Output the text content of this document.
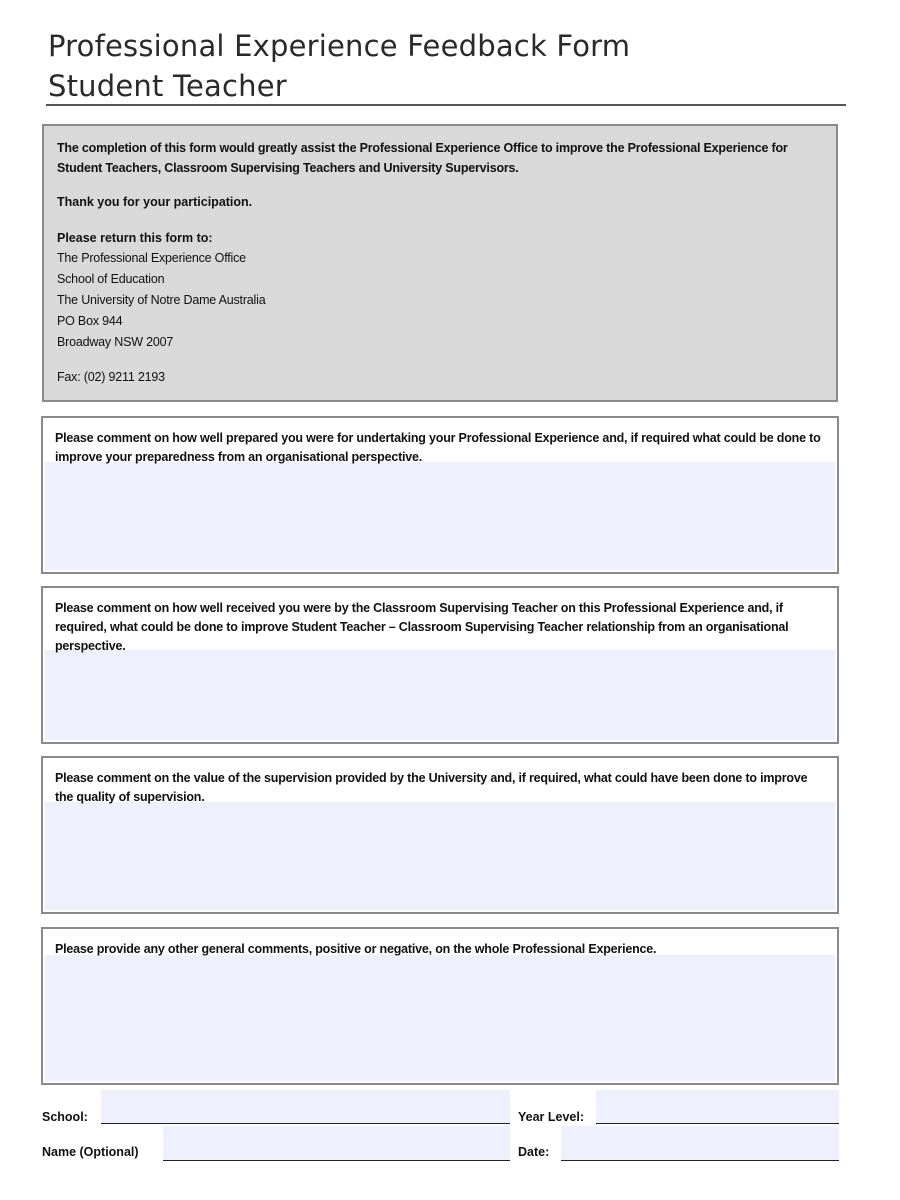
Professional Experience Feedback Form
Student Teacher

The completion of this form would greatly assist the Professional Experience Office to improve the Professional Experience for Student Teachers, Classroom Supervising Teachers and University Supervisors.

Thank you for your participation.

Please return this form to:

The Professional Experience Office

School of Education

The University of Notre Dame Australia

PO Box 944

Broadway NSW 2007

Fax: (02) 9211 2193

Please comment on how well prepared you were for undertaking your Professional Experience and, if required what could be done to improve your preparedness from an organisational perspective.
Please comment on how well received you were by the Classroom Supervising Teacher on this Professional Experience and, if required, what could be done to improve Student Teacher – Classroom Supervising Teacher relationship from an organisational perspective.
Please comment on the value of the supervision provided by the University and, if required, what could have been done to improve the quality of supervision.
Please provide any other general comments, positive or negative, on the whole Professional Experience.
School:	Year Level:
Name (Optional)	Date:
